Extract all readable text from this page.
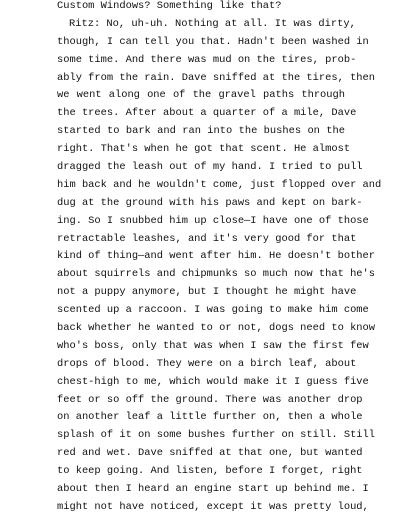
Custom Windows? Something like that?
Ritz: No, uh-uh. Nothing at all. It was dirty,
though, I can tell you that. Hadn't been washed in
some time. And there was mud on the tires, prob-
ably from the rain. Dave sniffed at the tires, then
we went along one of the gravel paths through
the trees. After about a quarter of a mile, Dave
started to bark and ran into the bushes on the
right. That's when he got that scent. He almost
dragged the leash out of my hand. I tried to pull
him back and he wouldn't come, just flopped over and
dug at the ground with his paws and kept on bark-
ing. So I snubbed him up close—I have one of those
retractable leashes, and it's very good for that
kind of thing—and went after him. He doesn't bother
about squirrels and chipmunks so much now that he's
not a puppy anymore, but I thought he might have
scented up a raccoon. I was going to make him come
back whether he wanted to or not, dogs need to know
who's boss, only that was when I saw the first few
drops of blood. They were on a birch leaf, about
chest-high to me, which would make it I guess five
feet or so off the ground. There was another drop
on another leaf a little further on, then a whole
splash of it on some bushes further on still. Still
red and wet. Dave sniffed at that one, but wanted
to keep going. And listen, before I forget, right
about then I heard an engine start up behind me. I
might not have noticed, except it was pretty loud,
